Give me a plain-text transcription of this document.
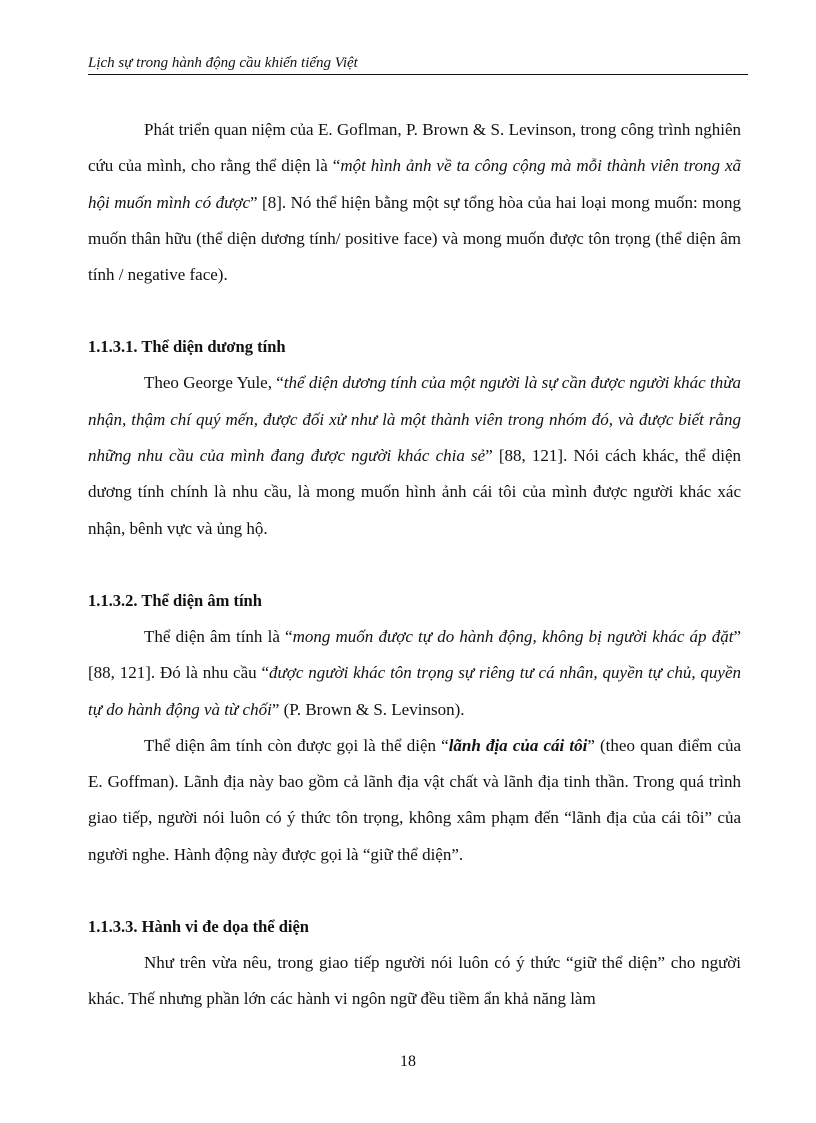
Lịch sự trong hành động cầu khiến tiếng Việt

Phát triển quan niệm của E. Goflman, P. Brown & S. Levinson, trong công trình nghiên cứu của mình, cho rằng thể diện là “một hình ảnh về ta công cộng mà mỗi thành viên trong xã hội muốn mình có được” [8]. Nó thể hiện bằng một sự tổng hòa của hai loại mong muốn: mong muốn thân hữu (thể diện dương tính/ positive face) và mong muốn được tôn trọng (thể diện âm tính / negative face).

1.1.3.1. Thể diện dương tính

Theo George Yule, “thể diện dương tính của một người là sự cần được người khác thừa nhận, thậm chí quý mến, được đối xử như là một thành viên trong nhóm đó, và được biết rằng những nhu cầu của mình đang được người khác chia sẻ” [88, 121]. Nói cách khác, thể diện dương tính chính là nhu cầu, là mong muốn hình ảnh cái tôi của mình được người khác xác nhận, bênh vực và ủng hộ.

1.1.3.2. Thể diện âm tính

Thể diện âm tính là “mong muốn được tự do hành động, không bị người khác áp đặt” [88, 121]. Đó là nhu cầu “được người khác tôn trọng sự riêng tư cá nhân, quyền tự chủ, quyền tự do hành động và từ chối” (P. Brown & S. Levinson).

Thể diện âm tính còn được gọi là thể diện “lãnh địa của cái tôi” (theo quan điểm của E. Goffman). Lãnh địa này bao gồm cả lãnh địa vật chất và lãnh địa tinh thần. Trong quá trình giao tiếp, người nói luôn có ý thức tôn trọng, không xâm phạm đến “lãnh địa của cái tôi” của người nghe. Hành động này được gọi là “giữ thể diện”.

1.1.3.3. Hành vi đe dọa thể diện

Như trên vừa nêu, trong giao tiếp người nói luôn có ý thức “giữ thể diện” cho người khác. Thế nhưng phần lớn các hành vi ngôn ngữ đều tiềm ẩn khả năng làm

18
